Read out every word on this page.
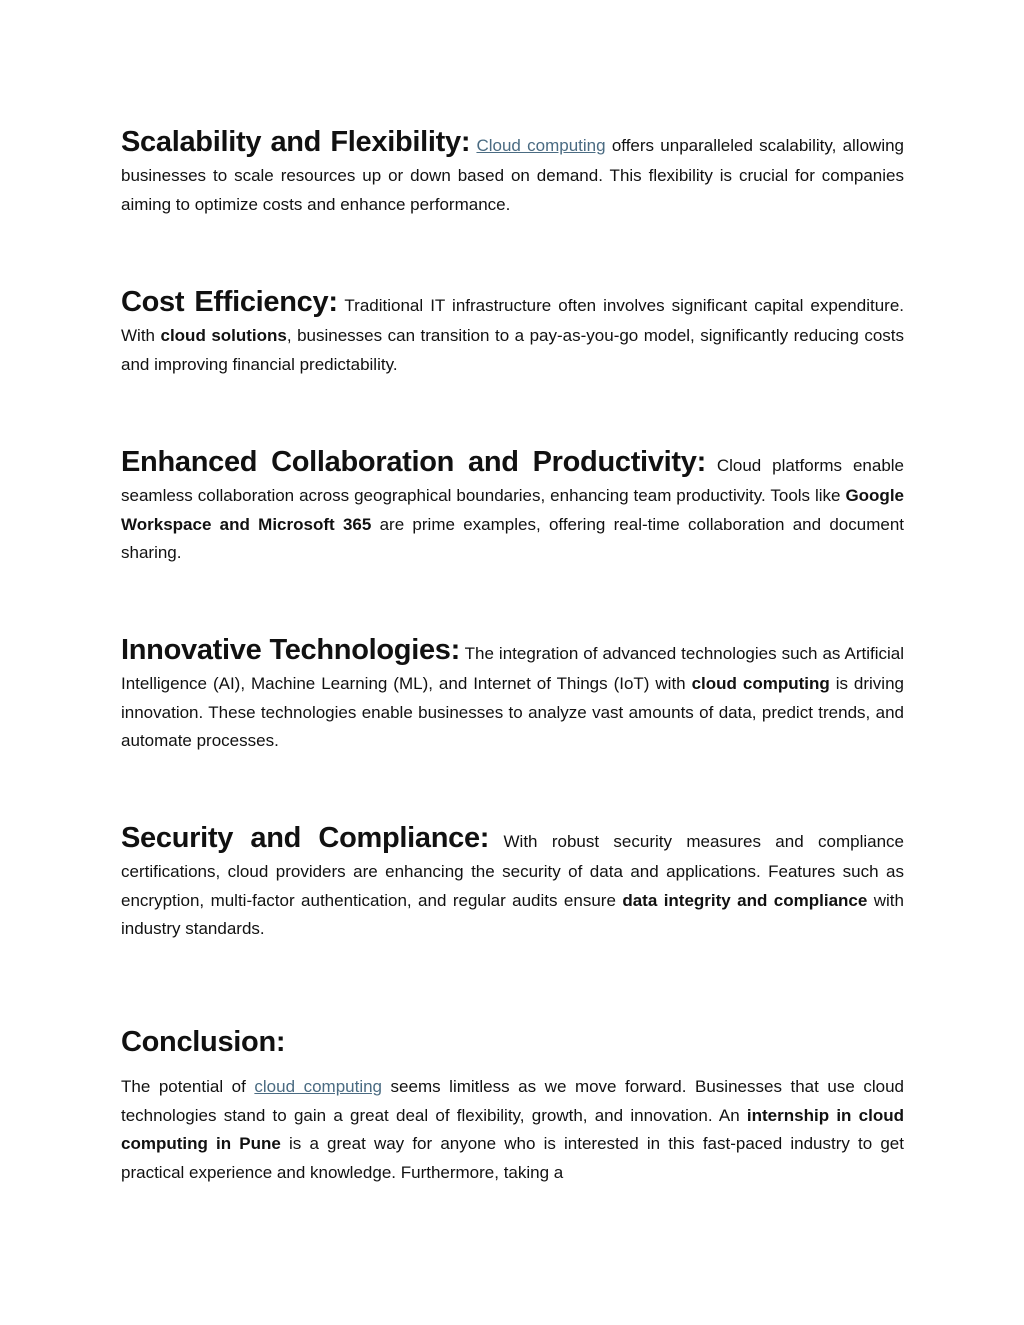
Scalability and Flexibility: Cloud computing offers unparalleled scalability, allowing businesses to scale resources up or down based on demand. This flexibility is crucial for companies aiming to optimize costs and enhance performance.

Cost Efficiency: Traditional IT infrastructure often involves significant capital expenditure. With cloud solutions, businesses can transition to a pay-as-you-go model, significantly reducing costs and improving financial predictability.

Enhanced Collaboration and Productivity: Cloud platforms enable seamless collaboration across geographical boundaries, enhancing team productivity. Tools like Google Workspace and Microsoft 365 are prime examples, offering real-time collaboration and document sharing.

Innovative Technologies: The integration of advanced technologies such as Artificial Intelligence (AI), Machine Learning (ML), and Internet of Things (IoT) with cloud computing is driving innovation. These technologies enable businesses to analyze vast amounts of data, predict trends, and automate processes.

Security and Compliance: With robust security measures and compliance certifications, cloud providers are enhancing the security of data and applications. Features such as encryption, multi-factor authentication, and regular audits ensure data integrity and compliance with industry standards.

Conclusion:

The potential of cloud computing seems limitless as we move forward. Businesses that use cloud technologies stand to gain a great deal of flexibility, growth, and innovation. An internship in cloud computing in Pune is a great way for anyone who is interested in this fast-paced industry to get practical experience and knowledge. Furthermore, taking a
